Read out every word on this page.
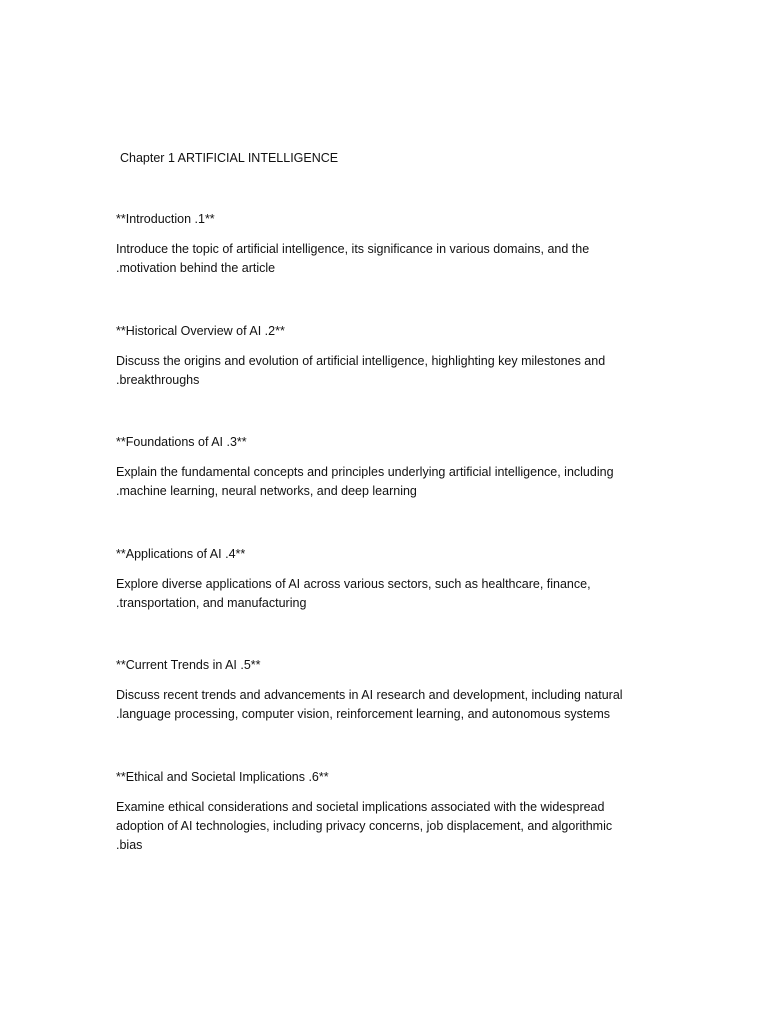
Chapter 1 ARTIFICIAL INTELLIGENCE

**Introduction .1**

Introduce the topic of artificial intelligence, its significance in various domains, and the
.motivation behind the article

**Historical Overview of AI .2**

Discuss the origins and evolution of artificial intelligence, highlighting key milestones and
.breakthroughs

**Foundations of AI .3**

Explain the fundamental concepts and principles underlying artificial intelligence, including
.machine learning, neural networks, and deep learning

**Applications of AI .4**

Explore diverse applications of AI across various sectors, such as healthcare, finance,
.transportation, and manufacturing

**Current Trends in AI .5**

Discuss recent trends and advancements in AI research and development, including natural
.language processing, computer vision, reinforcement learning, and autonomous systems

**Ethical and Societal Implications .6**

Examine ethical considerations and societal implications associated with the widespread
adoption of AI technologies, including privacy concerns, job displacement, and algorithmic
.bias
